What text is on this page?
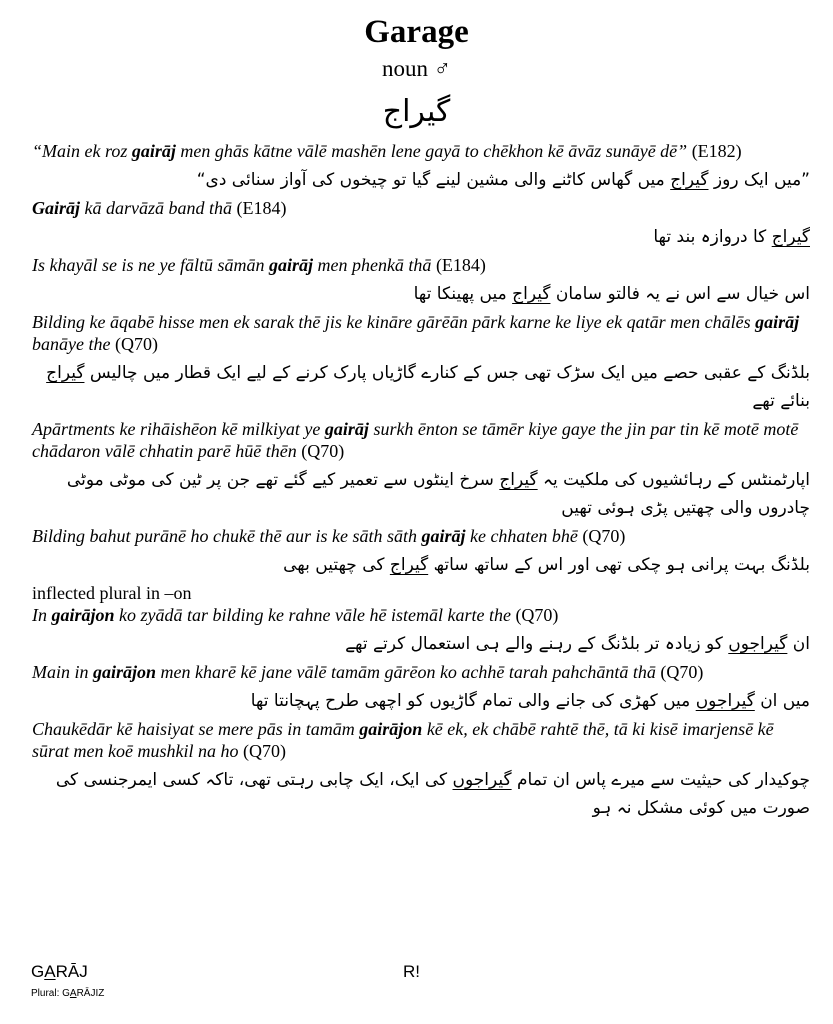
Garage
noun ♂
گیراج

“Main ek roz gairāj men ghās kātne vālē mashēn lene gayā to chēkhon kē āvāz sunāyē dē” (E182)

”میں ایک روز گیراج میں گھاس کاٹنے والی مشین لینے گیا تو چیخوں کی آواز سنائی دی“

Gairāj kā darvāzā band thā (E184)

گیراج کا دروازہ بند تھا

Is khayāl se is ne ye fāltū sāmān gairāj men phenkā thā (E184)

اس خیال سے اس نے یہ فالتو سامان گیراج میں پھینکا تھا

Bilding ke āqabē hisse men ek sarak thē jis ke kināre gārēān pārk karne ke liye ek qatār men chālēs gairāj banāye the (Q70)

بلڈنگ کے عقبی حصے میں ایک سڑک تھی جس کے کنارے گاڑیاں پارک کرنے کے لیے ایک قطار میں چالیس گیراج بنائے تھے

Apārtments ke rihāishēon kē milkiyat ye gairāj surkh ēnton se tāmēr kiye gaye the jin par tin kē motē motē chādaron vālē chhatin parē hūē thēn (Q70)

اپارٹمنٹس کے رہائشیوں کی ملکیت یہ گیراج سرخ اینٹوں سے تعمیر کیے گئے تھے جن پر ٹین کی موٹی موٹی چادروں والی چھتیں پڑی ہوئی تھیں

Bilding bahut purānē ho chukē thē aur is ke sāth sāth gairāj ke chhaten bhē (Q70)

بلڈنگ بہت پرانی ہو چکی تھی اور اس کے ساتھ ساتھ گیراج کی چھتیں بھی

inflected plural in –on

In gairājon ko zyādā tar bilding ke rahne vāle hē istemāl karte the (Q70)

ان گیراجوں کو زیادہ تر بلڈنگ کے رہنے والے ہی استعمال کرتے تھے

Main in gairājon men kharē kē jane vālē tamām gārēon ko achhē tarah pahchāntā thā (Q70)

میں ان گیراجوں میں کھڑی کی جانے والی تمام گاڑیوں کو اچھی طرح پہچانتا تھا

Chaukēdār kē haisiyat se mere pās in tamām gairājon kē ek, ek chābē rahtē thē, tā ki kisē imarjensē kē sūrat men koē mushkil na ho (Q70)

چوکیدار کی حیثیت سے میرے پاس ان تمام گیراجوں کی ایک، ایک چابی رہتی تھی، تاکہ کسی ایمرجنسی کی صورت میں کوئی مشکل نہ ہو

GARĀJ
Plural: GARĀJIZ
R!
